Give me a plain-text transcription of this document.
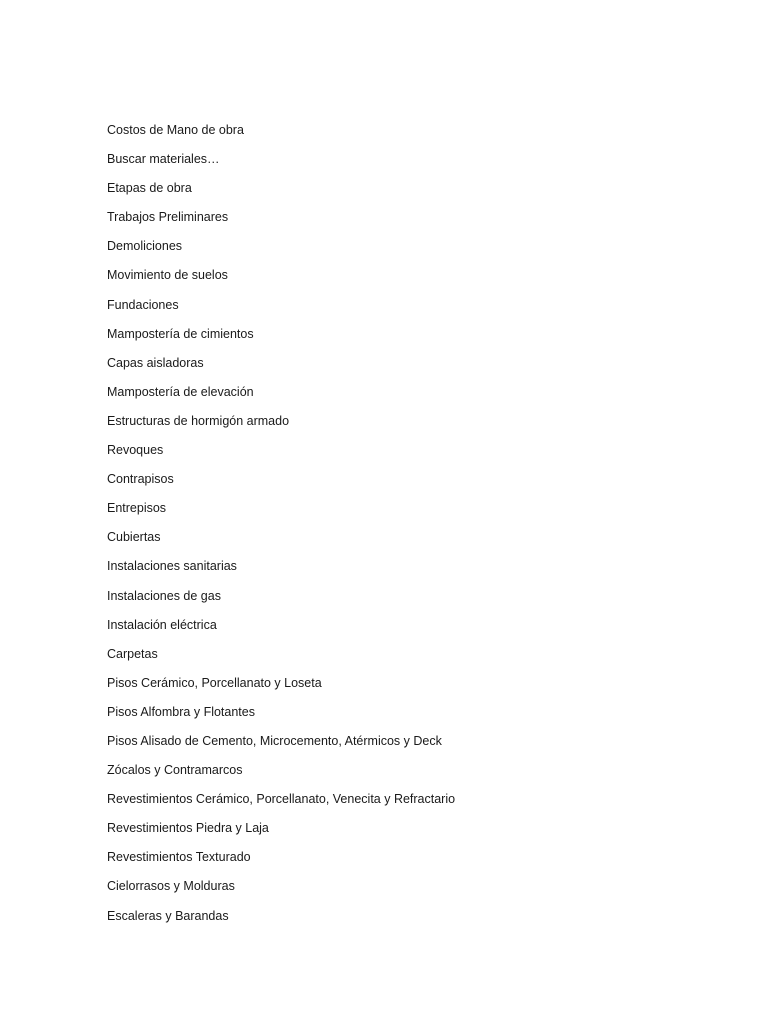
Costos de Mano de obra
Buscar materiales…
Etapas de obra
Trabajos Preliminares
Demoliciones
Movimiento de suelos
Fundaciones
Mampostería de cimientos
Capas aisladoras
Mampostería de elevación
Estructuras de hormigón armado
Revoques
Contrapisos
Entrepisos
Cubiertas
Instalaciones sanitarias
Instalaciones de gas
Instalación eléctrica
Carpetas
Pisos Cerámico, Porcellanato y Loseta
Pisos Alfombra y Flotantes
Pisos Alisado de Cemento, Microcemento, Atérmicos y Deck
Zócalos y Contramarcos
Revestimientos Cerámico, Porcellanato, Venecita y Refractario
Revestimientos Piedra y Laja
Revestimientos Texturado
Cielorrasos y Molduras
Escaleras y Barandas
